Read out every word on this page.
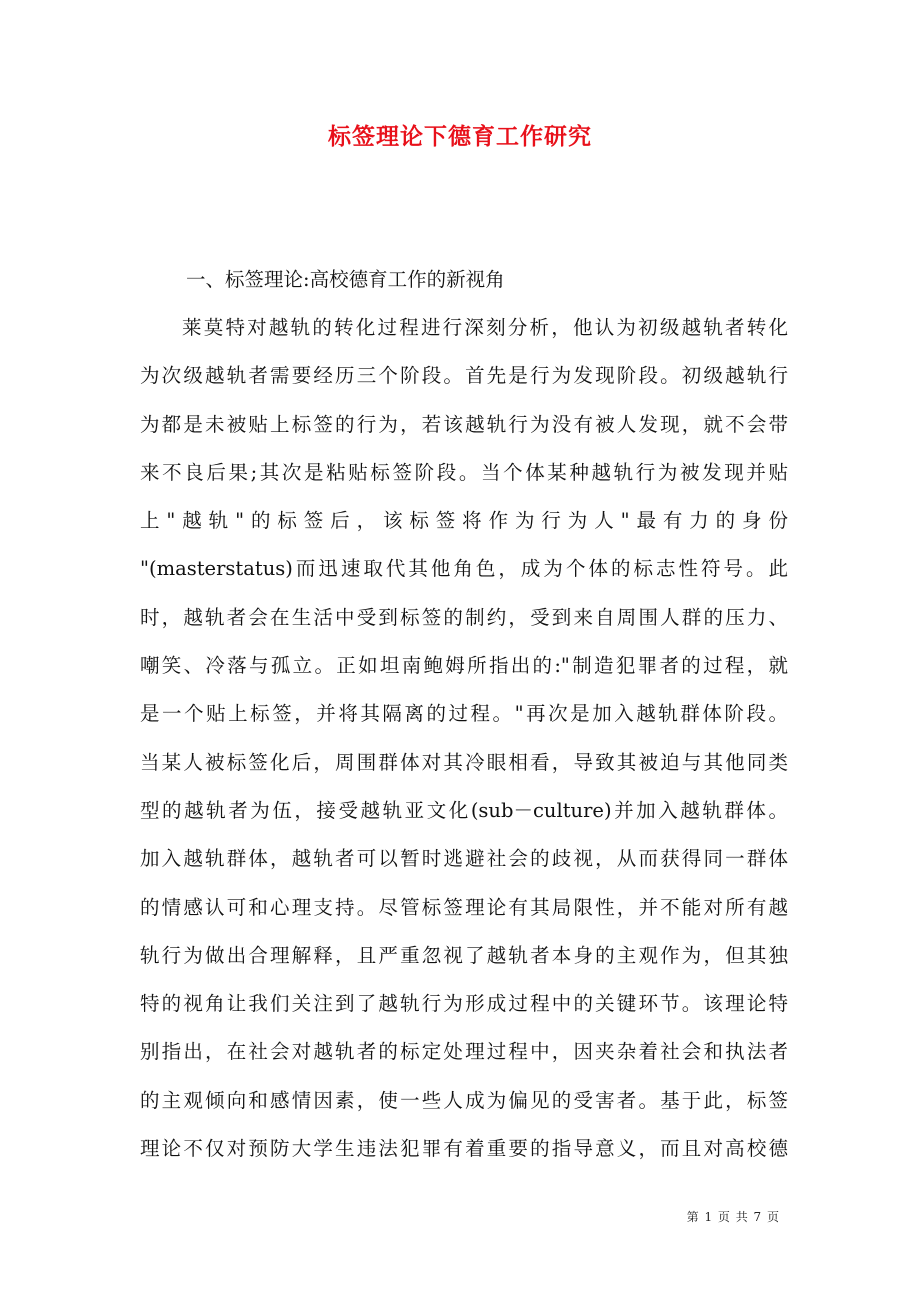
标签理论下德育工作研究

一、标签理论:高校德育工作的新视角

莱莫特对越轨的转化过程进行深刻分析，他认为初级越轨者转化
为次级越轨者需要经历三个阶段。首先是行为发现阶段。初级越轨行
为都是未被贴上标签的行为，若该越轨行为没有被人发现，就不会带
来不良后果;其次是粘贴标签阶段。当个体某种越轨行为被发现并贴
上"越轨"的标签后，该标签将作为行为人"最有力的身份
"(masterstatus)而迅速取代其他角色，成为个体的标志性符号。此
时，越轨者会在生活中受到标签的制约，受到来自周围人群的压力、
嘲笑、冷落与孤立。正如坦南鲍姆所指出的:"制造犯罪者的过程，就
是一个贴上标签，并将其隔离的过程。"再次是加入越轨群体阶段。
当某人被标签化后，周围群体对其冷眼相看，导致其被迫与其他同类
型的越轨者为伍，接受越轨亚文化(sub－culture)并加入越轨群体。
加入越轨群体，越轨者可以暂时逃避社会的歧视，从而获得同一群体
的情感认可和心理支持。尽管标签理论有其局限性，并不能对所有越
轨行为做出合理解释，且严重忽视了越轨者本身的主观作为，但其独
特的视角让我们关注到了越轨行为形成过程中的关键环节。该理论特
别指出，在社会对越轨者的标定处理过程中，因夹杂着社会和执法者
的主观倾向和感情因素，使一些人成为偏见的受害者。基于此，标签
理论不仅对预防大学生违法犯罪有着重要的指导意义，而且对高校德

第 1 页 共 7 页
